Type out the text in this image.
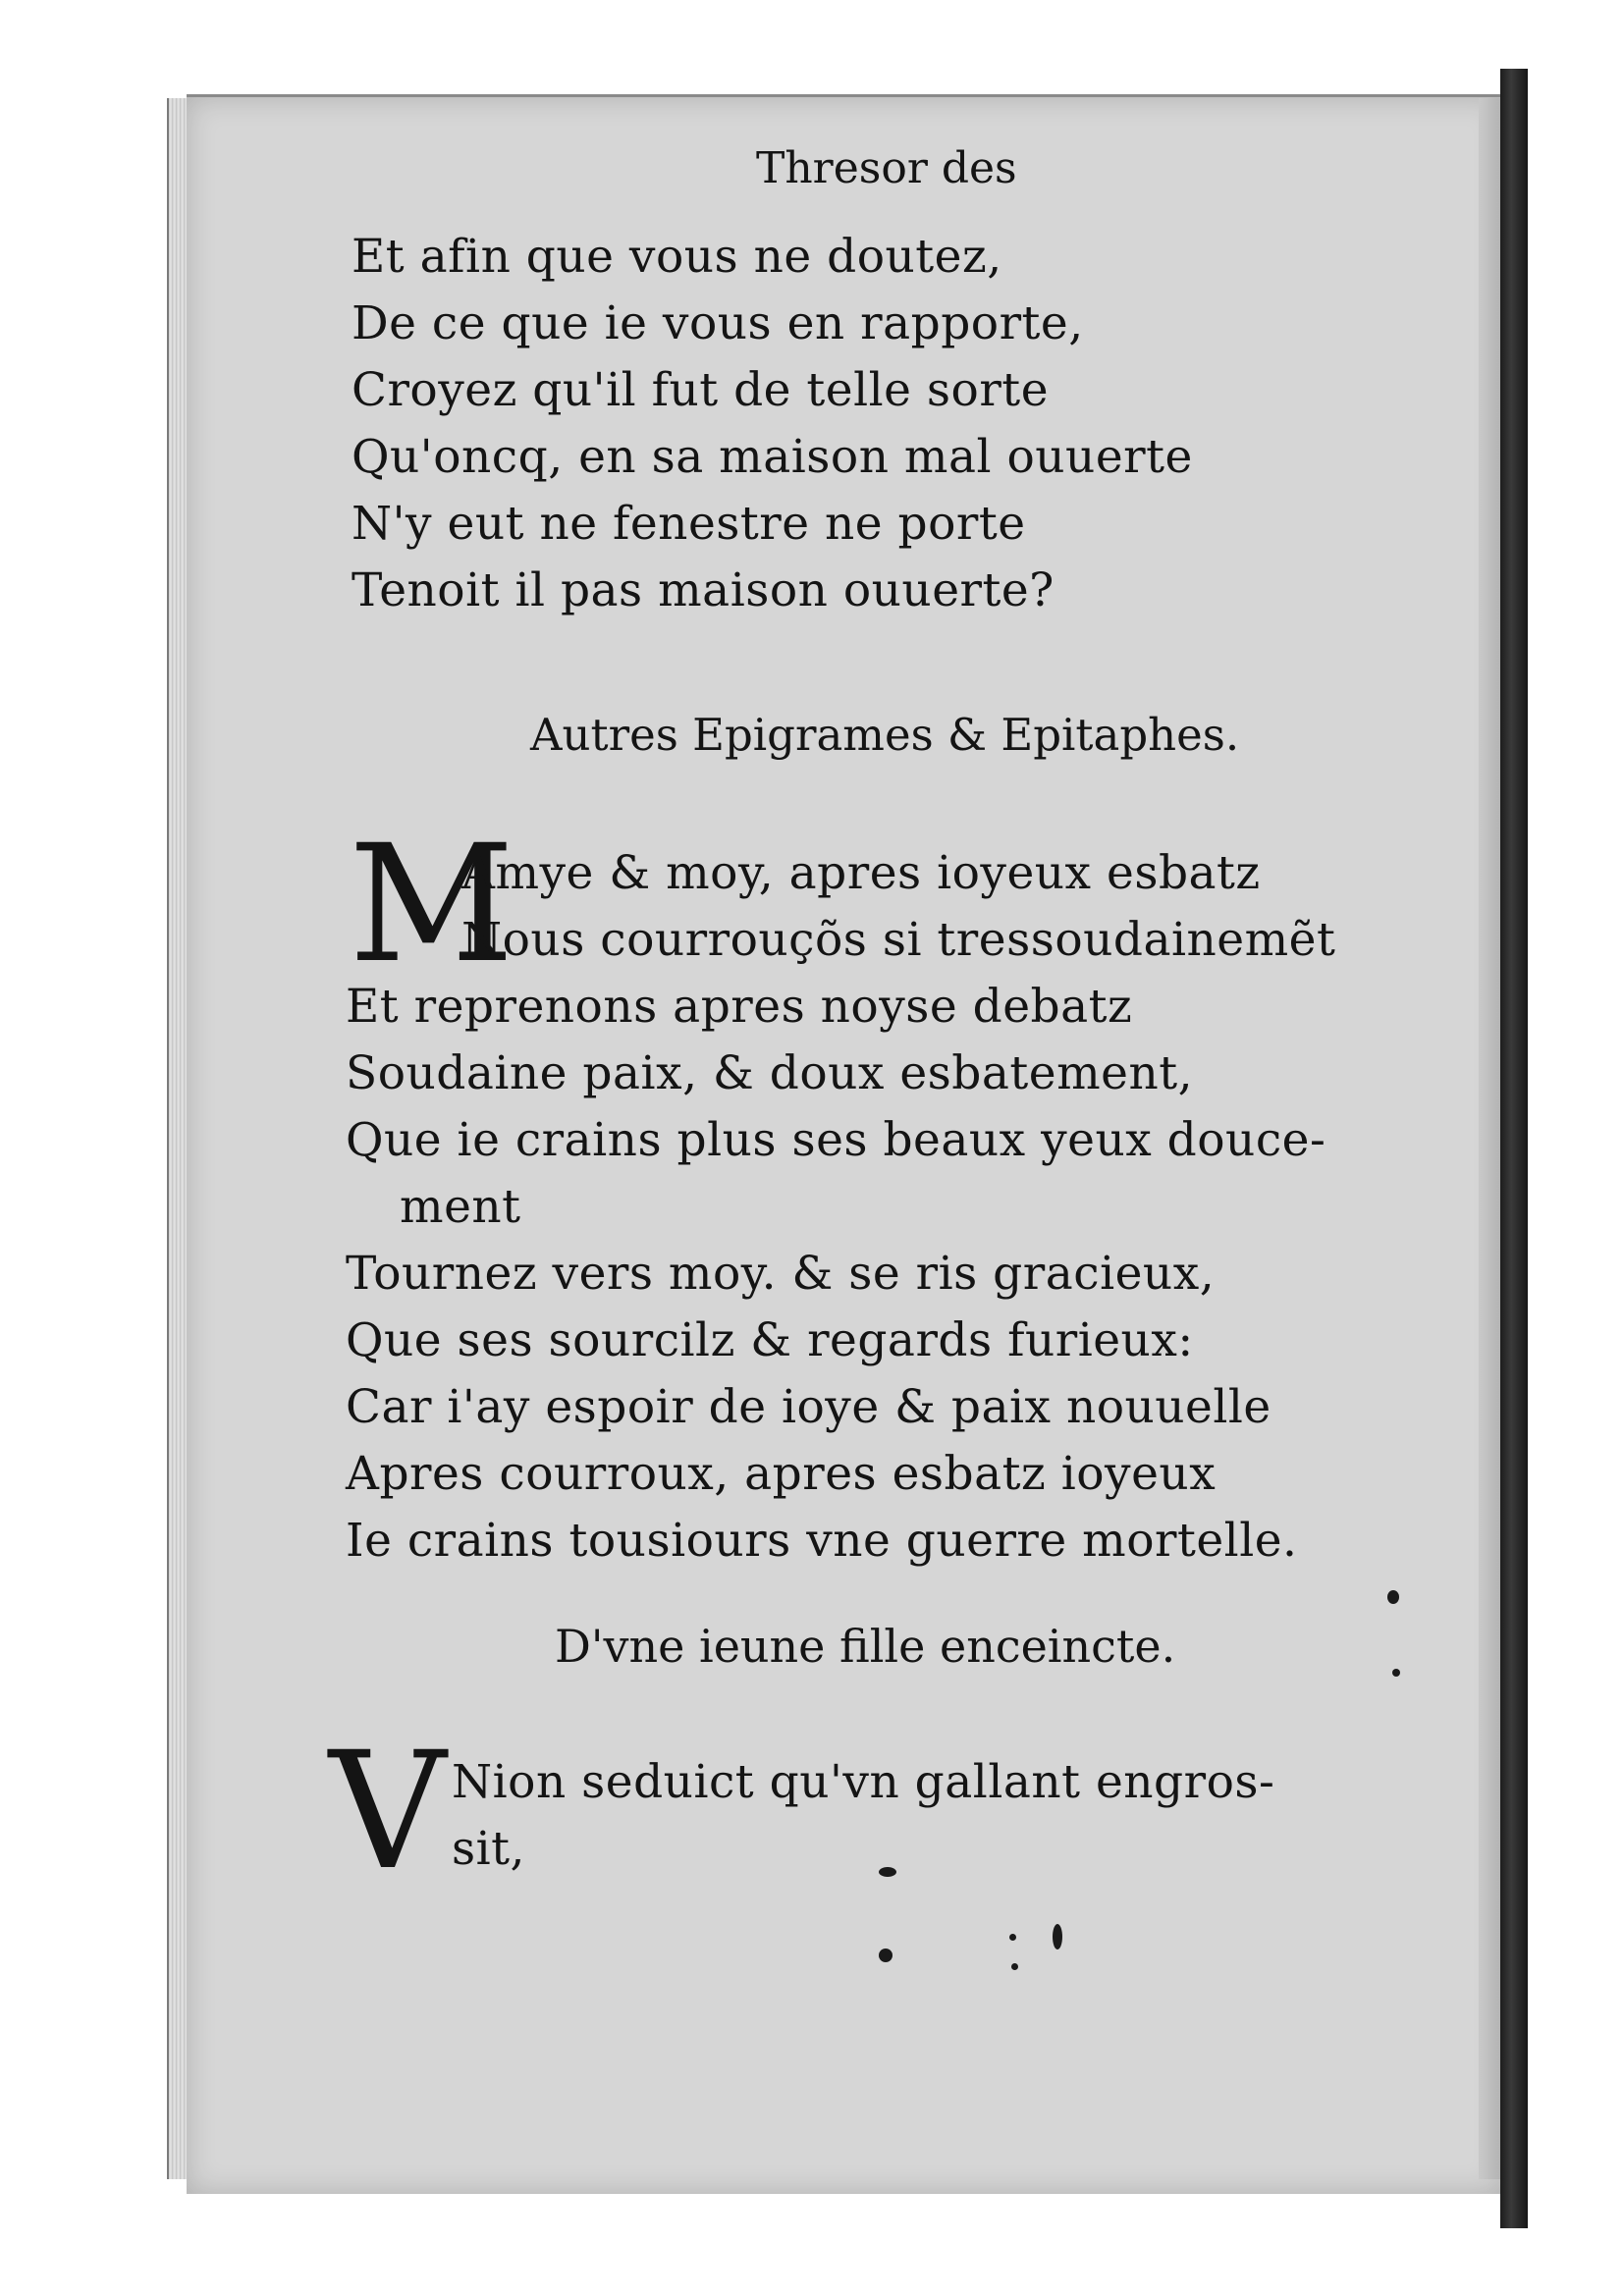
Thresor des
Et afin que vous ne doutez,
De ce que ie vous en rapporte,
Croyez qu'il fut de telle sorte
Qu'oncq, en sa maison mal ouuerte
N'y eut ne fenestre ne porte
Tenoit il pas maison ouuerte?
Autres Epigrames & Epitaphes.
M
Amye & moy, apres ioyeux esbatz
Nous courrouçõs si tressoudainemẽt
Et reprenons apres noyse debatz
Soudaine paix, & doux esbatement,
Que ie crains plus ses beaux yeux douce-
ment
Tournez vers moy. & se ris gracieux,
Que ses sourcilz & regards furieux:
Car i'ay espoir de ioye & paix nouuelle
Apres courroux, apres esbatz ioyeux
Ie crains tousiours vne guerre mortelle.
D'vne ieune fille enceincte.
V Nion seduict qu'vn gallant engros-
sit,
